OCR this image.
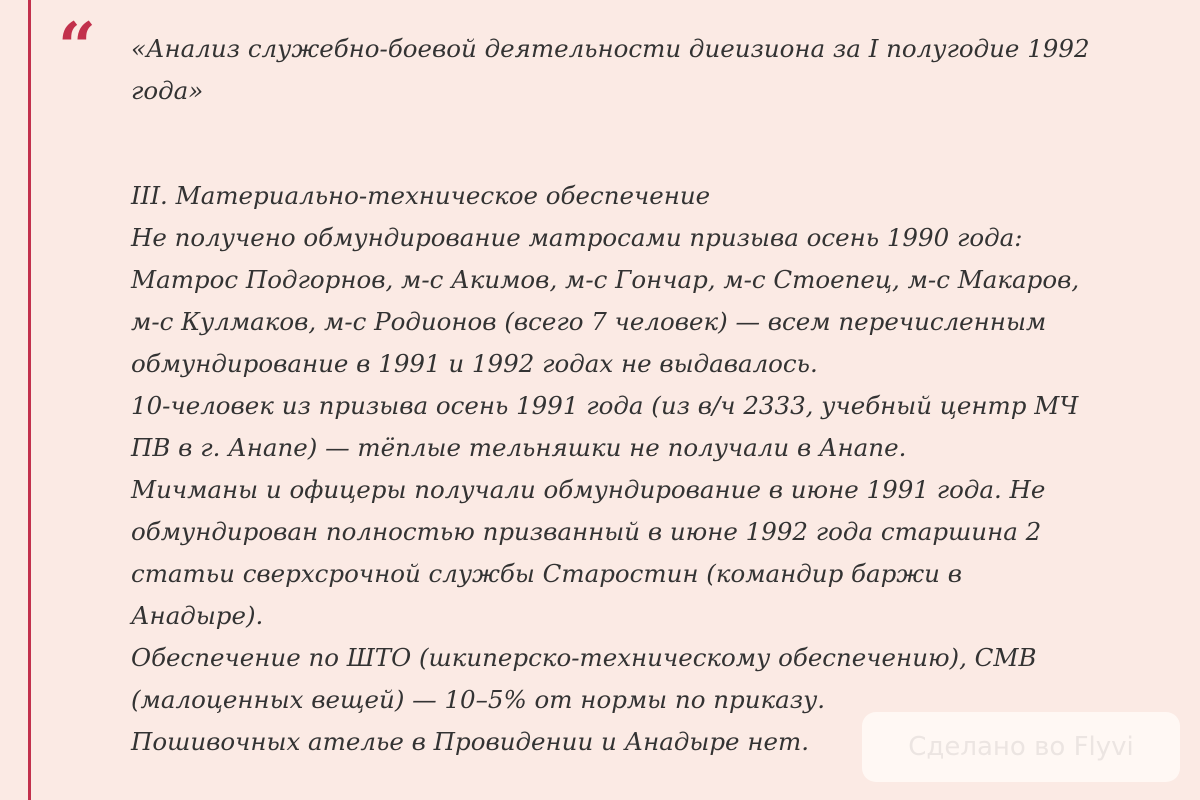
“ «Анализ служебно-боевой деятельности диеизиона за I полугодие 1992
года»
III. Материально-техническое обеспечение
Не получено обмундирование матросами призыва осень 1990 года:
Матрос Подгорнов, м-с Акимов, м-с Гончар, м-с Стоепец, м-с Макаров,
м-с Кулмаков, м-с Родионов (всего 7 человек) — всем перечисленным
обмундирование в 1991 и 1992 годах не выдавалось.
10-человек из призыва осень 1991 года (из в/ч 2333, учебный центр МЧ
ПВ в г. Анапе) — тёплые тельняшки не получали в Анапе.
Мичманы и офицеры получали обмундирование в июне 1991 года. Не
обмундирован полностью призванный в июне 1992 года старшина 2
статьи сверхсрочной службы Старостин (командир баржи в
Анадыре).
Обеспечение по ШТО (шкиперско-техническому обеспечению), СМВ
(малоценных вещей) — 10–5% от нормы по приказу.
Пошивочных ателье в Провидении и Анадыре нет.	Сделано во Flyvi
